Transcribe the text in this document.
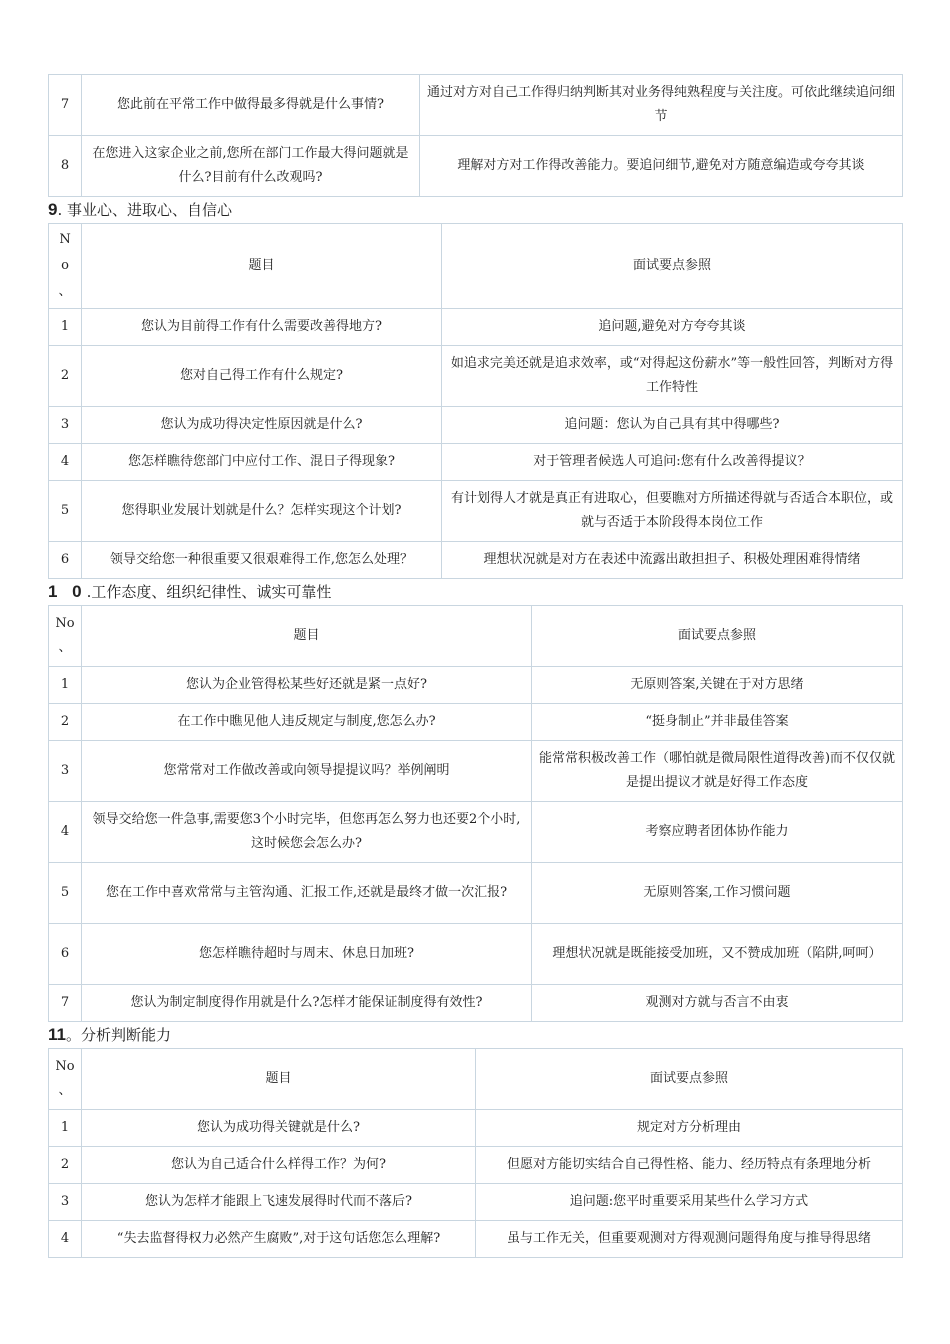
7	您此前在平常工作中做得最多得就是什么事情?	通过对方对自己工作得归纳判断其对业务得纯熟程度与关注度。可依此继续追问细节
8	在您进入这家企业之前,您所在部门工作最大得问题就是什么?目前有什么改观吗?	理解对方对工作得改善能力。要追问细节,避免对方随意编造或夸夸其谈
9. 事业心、进取心、自信心
N
o
、	题目	面试要点参照
1	您认为目前得工作有什么需要改善得地方?	追问题,避免对方夸夸其谈
2	您对自己得工作有什么规定?	如追求完美还就是追求效率，或“对得起这份薪水”等一般性回答，判断对方得工作特性
3	您认为成功得决定性原因就是什么?	追问题：您认为自己具有其中得哪些?
4	您怎样瞧待您部门中应付工作、混日子得现象?	对于管理者候选人可追问:您有什么改善得提议？
5	您得职业发展计划就是什么？怎样实现这个计划?	有计划得人才就是真正有进取心，但要瞧对方所描述得就与否适合本职位，或就与否适于本阶段得本岗位工作
6	领导交给您一种很重要又很艰难得工作,您怎么处理？	理想状况就是对方在表述中流露出敢担担子、积极处理困难得情绪
1 0.工作态度、组织纪律性、诚实可靠性
No
、	题目	面试要点参照
1	您认为企业管得松某些好还就是紧一点好?	无原则答案,关键在于对方思绪
2	在工作中瞧见他人违反规定与制度,您怎么办?	“挺身制止”并非最佳答案
3	您常常对工作做改善或向领导提提议吗？举例阐明	能常常积极改善工作（哪怕就是微局限性道得改善)而不仅仅就是提出提议才就是好得工作态度
4	领导交给您一件急事,需要您3个小时完毕，但您再怎么努力也还要2个小时,这时候您会怎么办?	考察应聘者团体协作能力
5	您在工作中喜欢常常与主管沟通、汇报工作,还就是最终才做一次汇报?	无原则答案,工作习惯问题
6	您怎样瞧待超时与周末、休息日加班?	理想状况就是既能接受加班，又不赞成加班（陷阱,呵呵）
7	您认为制定制度得作用就是什么?怎样才能保证制度得有效性?	观测对方就与否言不由衷
11。分析判断能力
No
、	题目	面试要点参照
1	您认为成功得关键就是什么?	规定对方分析理由
2	您认为自己适合什么样得工作？为何?	但愿对方能切实结合自己得性格、能力、经历特点有条理地分析
3	您认为怎样才能跟上飞速发展得时代而不落后?	追问题:您平时重要采用某些什么学习方式
4	“失去监督得权力必然产生腐败”,对于这句话您怎么理解?	虽与工作无关，但重要观测对方得观测问题得角度与推导得思绪
